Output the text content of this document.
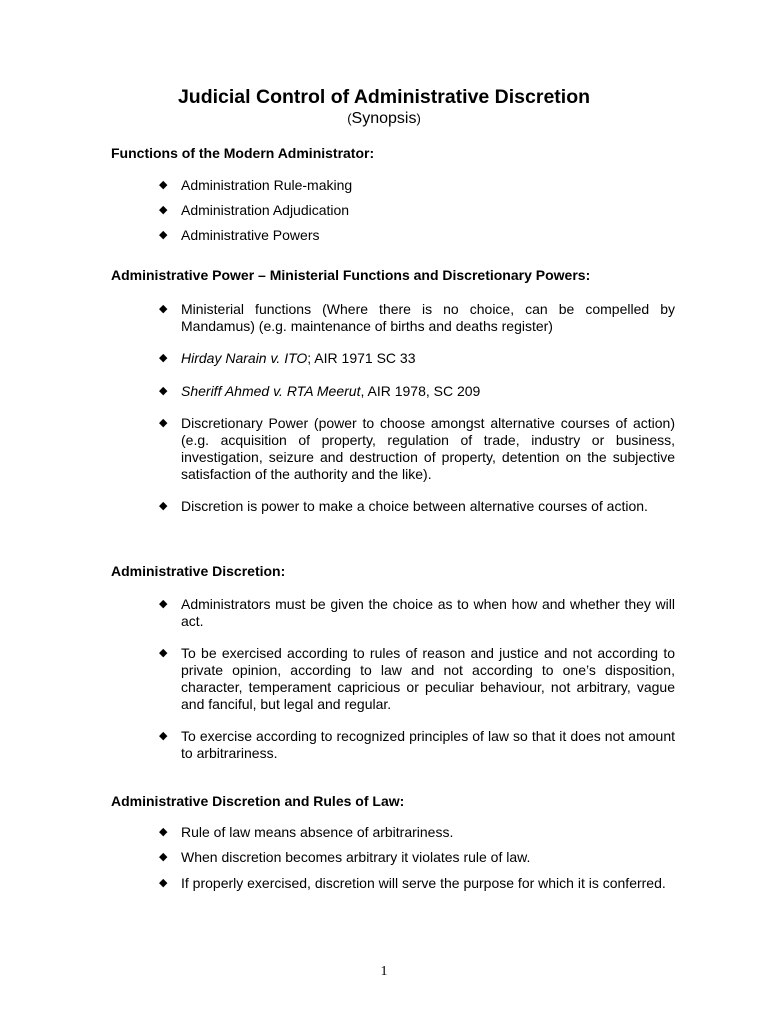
Judicial Control of Administrative Discretion
(Synopsis)
Functions of the Modern Administrator:
◆ Administration Rule-making
◆ Administration Adjudication
◆ Administrative Powers
Administrative Power – Ministerial Functions and Discretionary Powers:
◆ Ministerial functions (Where there is no choice, can be compelled by Mandamus) (e.g. maintenance of births and deaths register)
◆ Hirday Narain v. ITO; AIR 1971 SC 33
◆ Sheriff Ahmed v. RTA Meerut, AIR 1978, SC 209
◆ Discretionary Power (power to choose amongst alternative courses of action) (e.g. acquisition of property, regulation of trade, industry or business, investigation, seizure and destruction of property, detention on the subjective satisfaction of the authority and the like).
◆ Discretion is power to make a choice between alternative courses of action.
Administrative Discretion:
◆ Administrators must be given the choice as to when how and whether they will act.
◆ To be exercised according to rules of reason and justice and not according to private opinion, according to law and not according to one’s disposition, character, temperament capricious or peculiar behaviour, not arbitrary, vague and fanciful, but legal and regular.
◆ To exercise according to recognized principles of law so that it does not amount to arbitrariness.
Administrative Discretion and Rules of Law:
◆ Rule of law means absence of arbitrariness.
◆ When discretion becomes arbitrary it violates rule of law.
◆ If properly exercised, discretion will serve the purpose for which it is conferred.
1
